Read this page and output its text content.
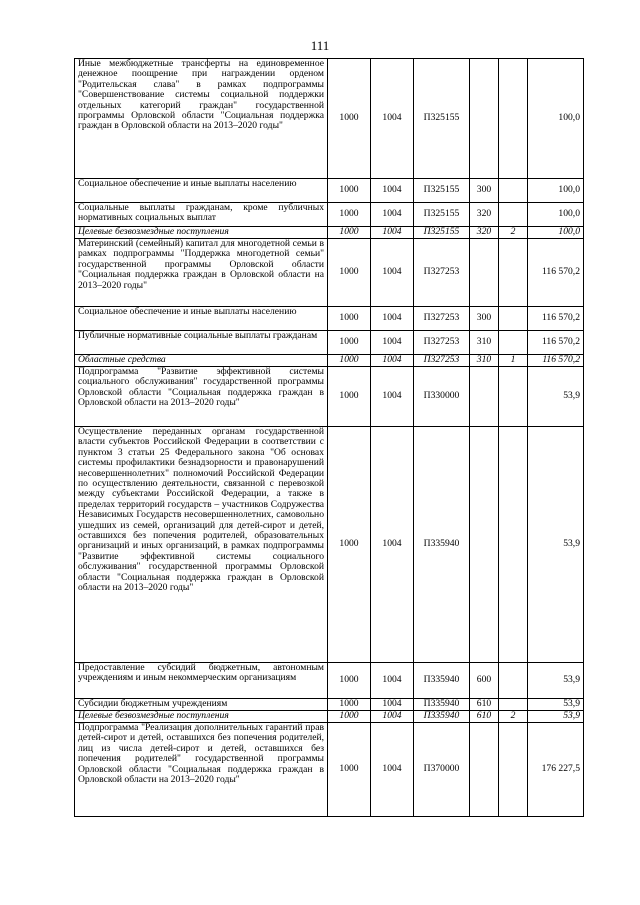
111
Иные межбюджетные трансферты на единовременное денежное поощрение при награждении орденом "Родительская слава" в рамках подпрограммы "Совершенствование системы социальной поддержки отдельных категорий граждан" государственной программы Орловской области "Социальная поддержка граждан в Орловской области на 2013–2020 годы"	1000	1004	П325155			100,0
Социальное обеспечение и иные выплаты населению	1000	1004	П325155	300		100,0
Социальные выплаты гражданам, кроме публичных нормативных социальных выплат	1000	1004	П325155	320		100,0
Целевые безвозмездные поступления	1000	1004	П325155	320	2	100,0
Материнский (семейный) капитал для многодетной семьи в рамках подпрограммы "Поддержка многодетной семьи" государственной программы Орловской области "Социальная поддержка граждан в Орловской области на 2013–2020 годы"	1000	1004	П327253			116 570,2
Социальное обеспечение и иные выплаты населению	1000	1004	П327253	300		116 570,2
Публичные нормативные социальные выплаты гражданам	1000	1004	П327253	310		116 570,2
Областные средства	1000	1004	П327253	310	1	116 570,2
Подпрограмма "Развитие эффективной системы социального обслуживания" государственной программы Орловской области "Социальная поддержка граждан в Орловской области на 2013–2020 годы"	1000	1004	П330000			53,9
Осуществление переданных органам государственной власти субъектов Российской Федерации в соответствии с пунктом 3 статьи 25 Федерального закона "Об основах системы профилактики безнадзорности и правонарушений несовершеннолетних" полномочий Российской Федерации по осуществлению деятельности, связанной с перевозкой между субъектами Российской Федерации, а также в пределах территорий государств – участников Содружества Независимых Государств несовершеннолетних, самовольно ушедших из семей, организаций для детей-сирот и детей, оставшихся без попечения родителей, образовательных организаций и иных организаций, в рамках подпрограммы "Развитие эффективной системы социального обслуживания" государственной программы Орловской области "Социальная поддержка граждан в Орловской области на 2013–2020 годы"	1000	1004	П335940			53,9
Предоставление субсидий бюджетным, автономным учреждениям и иным некоммерческим организациям	1000	1004	П335940	600		53,9
Субсидии бюджетным учреждениям	1000	1004	П335940	610		53,9
Целевые безвозмездные поступления	1000	1004	П335940	610	2	53,9
Подпрограмма "Реализация дополнительных гарантий прав детей-сирот и детей, оставшихся без попечения родителей, лиц из числа детей-сирот и детей, оставшихся без попечения родителей" государственной программы Орловской области "Социальная поддержка граждан в Орловской области на 2013–2020 годы"	1000	1004	П370000			176 227,5
